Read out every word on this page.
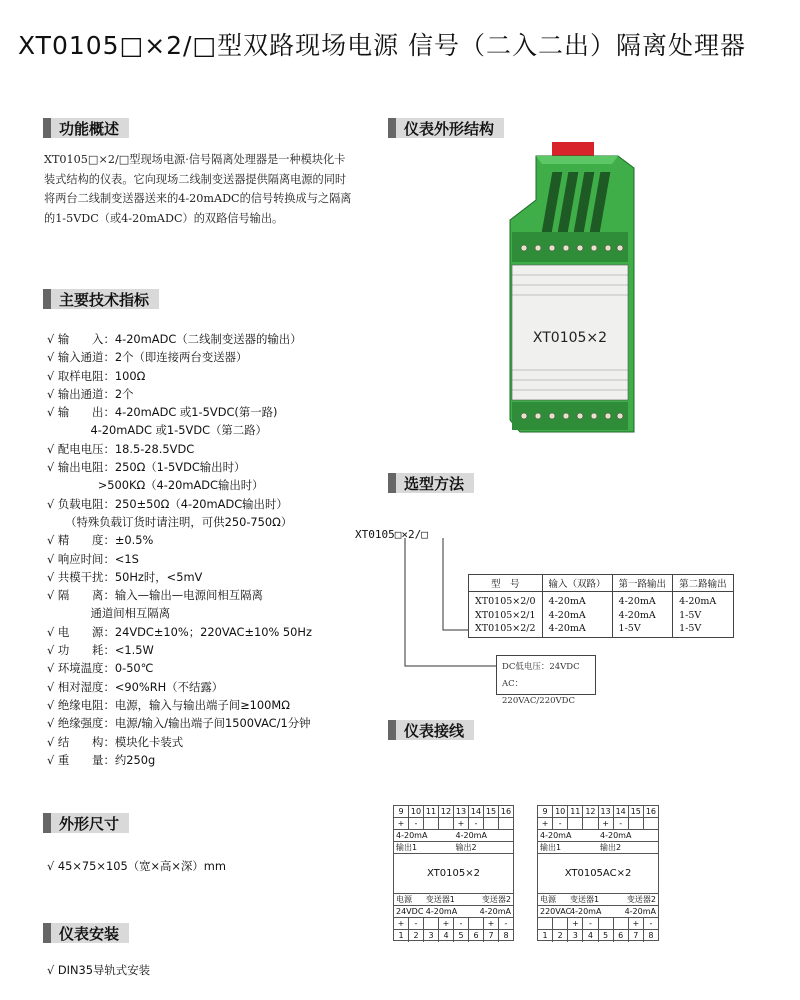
XT0105□×2/□型双路现场电源 信号（二入二出）隔离处理器
功能概述
XT0105□×2/□型现场电源·信号隔离处理器是一种模块化卡装式结构的仪表。它向现场二线制变送器提供隔离电源的同时将两台二线制变送器送来的4-20mADC的信号转换成与之隔离的1-5VDC（或4-20mADC）的双路信号输出。
主要技术指标
√ 输　　入：4-20mADC（二线制变送器的输出）
√ 输入通道：2个（即连接两台变送器）
√ 取样电阻：100Ω
√ 输出通道：2个
√ 输　　出：4-20mADC 或1-5VDC(第一路)
4-20mADC 或1-5VDC（第二路）
√ 配电电压：18.5-28.5VDC
√ 输出电阻：250Ω（1-5VDC输出时）
>500KΩ（4-20mADC输出时）
√ 负载电阻：250±50Ω（4-20mADC输出时）
（特殊负载订货时请注明，可供250-750Ω）
√ 精　　度：±0.5%
√ 响应时间：<1S
√ 共模干扰：50Hz时，<5mV
√ 隔　　离：输入—输出—电源间相互隔离
通道间相互隔离
√ 电　　源：24VDC±10%；220VAC±10% 50Hz
√ 功　　耗：<1.5W
√ 环境温度：0-50℃
√ 相对湿度：<90%RH（不结露）
√ 绝缘电阻：电源，输入与输出端子间≥100MΩ
√ 绝缘强度：电源/输入/输出端子间1500VAC/1分钟
√ 结　　构：模块化卡装式
√ 重　　量：约250g
外形尺寸
√ 45×75×105（宽×高×深）mm
仪表安装
√ DIN35导轨式安装
仪表外形结构
XT0105×2
选型方法
XT0105□×2/□
型　号	输入（双路）	第一路输出	第二路输出
XT0105×2/0	4-20mA	4-20mA	4-20mA
XT0105×2/1	4-20mA	4-20mA	1-5V
XT0105×2/2	4-20mA	1-5V	1-5V
DC低电压：24VDC
AC：220VAC/220VDC
仪表接线
9 10 11 12 13 14 15 16
+	-	+	-
4-20mA	4-20mA
输出1	输出2
XT0105×2
电源	变送器1	变送器2
24VDC 4-20mA	4-20mA
+	-	+	-	+	-
1	2	3	4	5	6	7	8
9 10 11 12 13 14 15 16
+	-	+	-
4-20mA	4-20mA
输出1	输出2
XT0105AC×2
电源	变送器1	变送器2
220VAC
4-20mA	4-20mA
+	-	+	-
1	2	3	4	5	6	7	8
